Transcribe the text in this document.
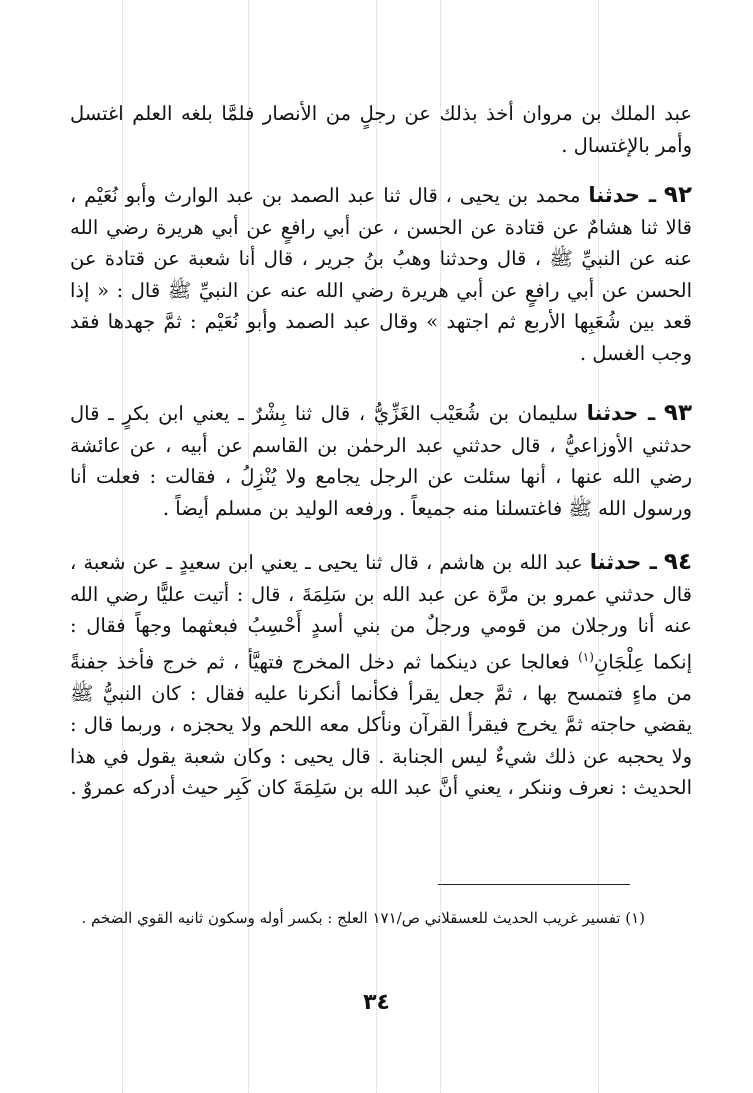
عبد الملك بن مروان أخذ بذلك عن رجلٍ من الأنصار فلمَّا بلغه العلم اغتسل وأمر بالإغتسال .

٩٢ ـ حدثنا محمد بن يحيى ، قال ثنا عبد الصمد بن عبد الوارث وأبو نُعَيْم ، قالا ثنا هشامٌ عن قتادة عن الحسن ، عن أبي رافعٍ عن أبي هريرة رضي الله عنه عن النبيِّ ﷺ ، قال وحدثنا وهبُ بنُ جرير ، قال أنا شعبة عن قتادة عن الحسن عن أبي رافعٍ عن أبي هريرة رضي الله عنه عن النبيِّ ﷺ قال : « إذا قعد بين شُعَبِها الأربع ثم اجتهد » وقال عبد الصمد وأبو نُعَيْم : ثمَّ جهدها فقد وجب الغسل .

٩٣ ـ حدثنا سليمان بن شُعَيْب الغَزِّيُّ ، قال ثنا بِشْرٌ ـ يعني ابن بكرٍ ـ قال حدثني الأوزاعيُّ ، قال حدثني عبد الرحمٰن بن القاسم عن أبيه ، عن عائشة رضي الله عنها ، أنها سئلت عن الرجل يجامع ولا يُنْزِلُ ، فقالت : فعلت أنا ورسول الله ﷺ فاغتسلنا منه جميعاً . ورفعه الوليد بن مسلم أيضاً .

٩٤ ـ حدثنا عبد الله بن هاشم ، قال ثنا يحيى ـ يعني ابن سعيدٍ ـ عن شعبة ، قال حدثني عمرو بن مرَّة عن عبد الله بن سَلِمَةَ ، قال : أتيت عليًّا رضي الله عنه أنا ورجلان من قومي ورجلٌ من بني أسدٍ أَحْسِبُ فبعثهما وجهاً فقال : إنكما عِلْجَانِ$^{(١)}$ فعالجا عن دينكما ثم دخل المخرج فتهيَّأ ، ثم خرج فأخذ جفنةً من ماءٍ فتمسح بها ، ثمَّ جعل يقرأ فكأنما أنكرنا عليه فقال : كان النبيُّ ﷺ يقضي حاجته ثمَّ يخرج فيقرأ القرآن ونأكل معه اللحم ولا يحجزه ، وربما قال : ولا يحجبه عن ذلك شيءٌ ليس الجنابة . قال يحيى : وكان شعبة يقول في هذا الحديث : نعرف وننكر ، يعني أنَّ عبد الله بن سَلِمَةَ كان كَبِر حيث أدركه عمروٌ .

(١) تفسير غريب الحديث للعسقلاني ص/١٧١ العلج : بكسر أوله وسكون ثانيه القوي الضخم .
٣٤
